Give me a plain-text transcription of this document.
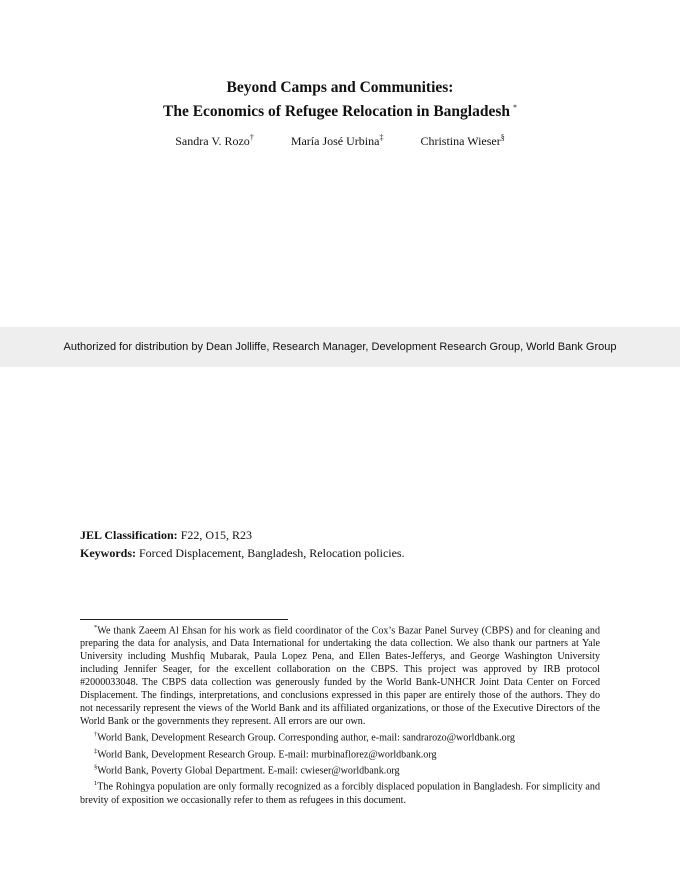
Beyond Camps and Communities:
The Economics of Refugee Relocation in Bangladesh *
Sandra V. Rozo†	María José Urbina‡	Christina Wieser§
Authorized for distribution by Dean Jolliffe, Research Manager, Development Research Group, World Bank Group
JEL Classification: F22, O15, R23
Keywords: Forced Displacement, Bangladesh, Relocation policies.

*We thank Zaeem Al Ehsan for his work as field coordinator of the Cox’s Bazar Panel Survey (CBPS) and for cleaning and preparing the data for analysis, and Data International for undertaking the data collection. We also thank our partners at Yale University including Mushfiq Mubarak, Paula Lopez Pena, and Ellen Bates-Jefferys, and George Washington University including Jennifer Seager, for the excellent collaboration on the CBPS. This project was approved by IRB protocol #2000033048. The CBPS data collection was generously funded by the World Bank-UNHCR Joint Data Center on Forced Displacement. The findings, interpretations, and conclusions expressed in this paper are entirely those of the authors. They do not necessarily represent the views of the World Bank and its affiliated organizations, or those of the Executive Directors of the World Bank or the governments they represent. All errors are our own.

†World Bank, Development Research Group. Corresponding author, e-mail: sandrarozo@worldbank.org

‡World Bank, Development Research Group. E-mail: murbinaflorez@worldbank.org

§World Bank, Poverty Global Department. E-mail: cwieser@worldbank.org

$^1$The Rohingya population are only formally recognized as a forcibly displaced population in Bangladesh. For simplicity and brevity of exposition we occasionally refer to them as refugees in this document.
